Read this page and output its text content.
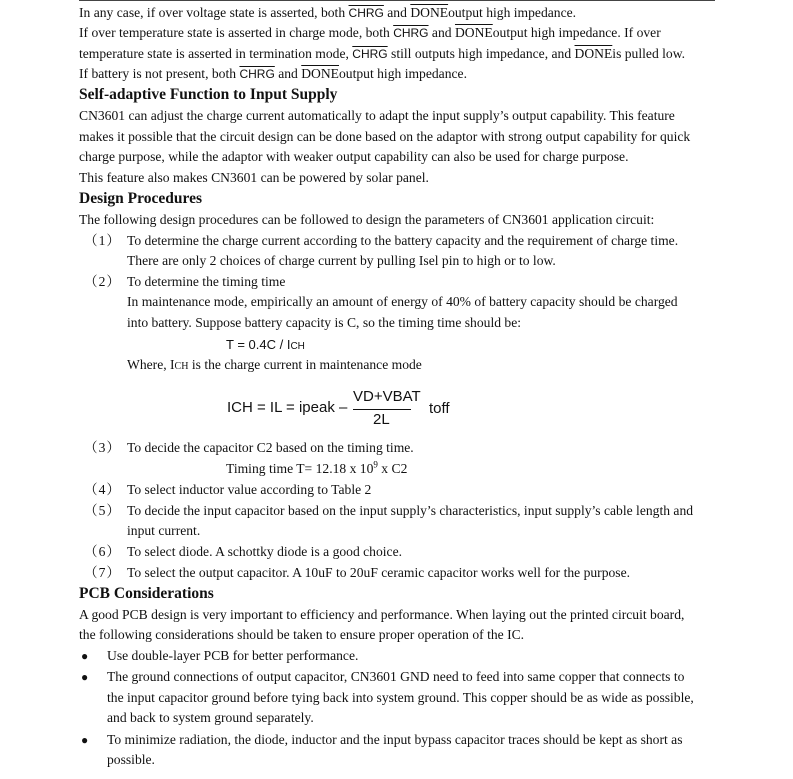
In any case, if over voltage state is asserted, both CHRG and DONEoutput high impedance.
If over temperature state is asserted in charge mode, both CHRG and DONEoutput high impedance. If over
temperature state is asserted in termination mode, CHRG still outputs high impedance, and DONEis pulled low.
If battery is not present, both CHRG and DONEoutput high impedance.
Self-adaptive Function to Input Supply
CN3601 can adjust the charge current automatically to adapt the input supply’s output capability. This feature
makes it possible that the circuit design can be done based on the adaptor with strong output capability for quick
charge purpose, while the adaptor with weaker output capability can also be used for charge purpose.
This feature also makes CN3601 can be powered by solar panel.
Design Procedures
The following design procedures can be followed to design the parameters of CN3601 application circuit:
（1） To determine the charge current according to the battery capacity and the requirement of charge time.
There are only 2 choices of charge current by pulling Isel pin to high or to low.
（2） To determine the timing time
In maintenance mode, empirically an amount of energy of 40% of battery capacity should be charged
into battery. Suppose battery capacity is C, so the timing time should be:
T = 0.4C / ICH
Where, ICH is the charge current in maintenance mode
ICH = IL = ipeak –
VD+VBAT
2L
toff
（3） To decide the capacitor C2 based on the timing time.
Timing time T= 12.18 x $10^9$ x C2
（4） To select inductor value according to Table 2
（5） To decide the input capacitor based on the input supply’s characteristics, input supply’s cable length and
input current.
（6） To select diode. A schottky diode is a good choice.
（7） To select the output capacitor. A 10uF to 20uF ceramic capacitor works well for the purpose.
PCB Considerations
A good PCB design is very important to efficiency and performance. When laying out the printed circuit board,
the following considerations should be taken to ensure proper operation of the IC.
● Use double-layer PCB for better performance.
● The ground connections of output capacitor, CN3601 GND need to feed into same copper that connects to
the input capacitor ground before tying back into system ground. This copper should be as wide as possible,
and back to system ground separately.
● To minimize radiation, the diode, inductor and the input bypass capacitor traces should be kept as short as
possible.
